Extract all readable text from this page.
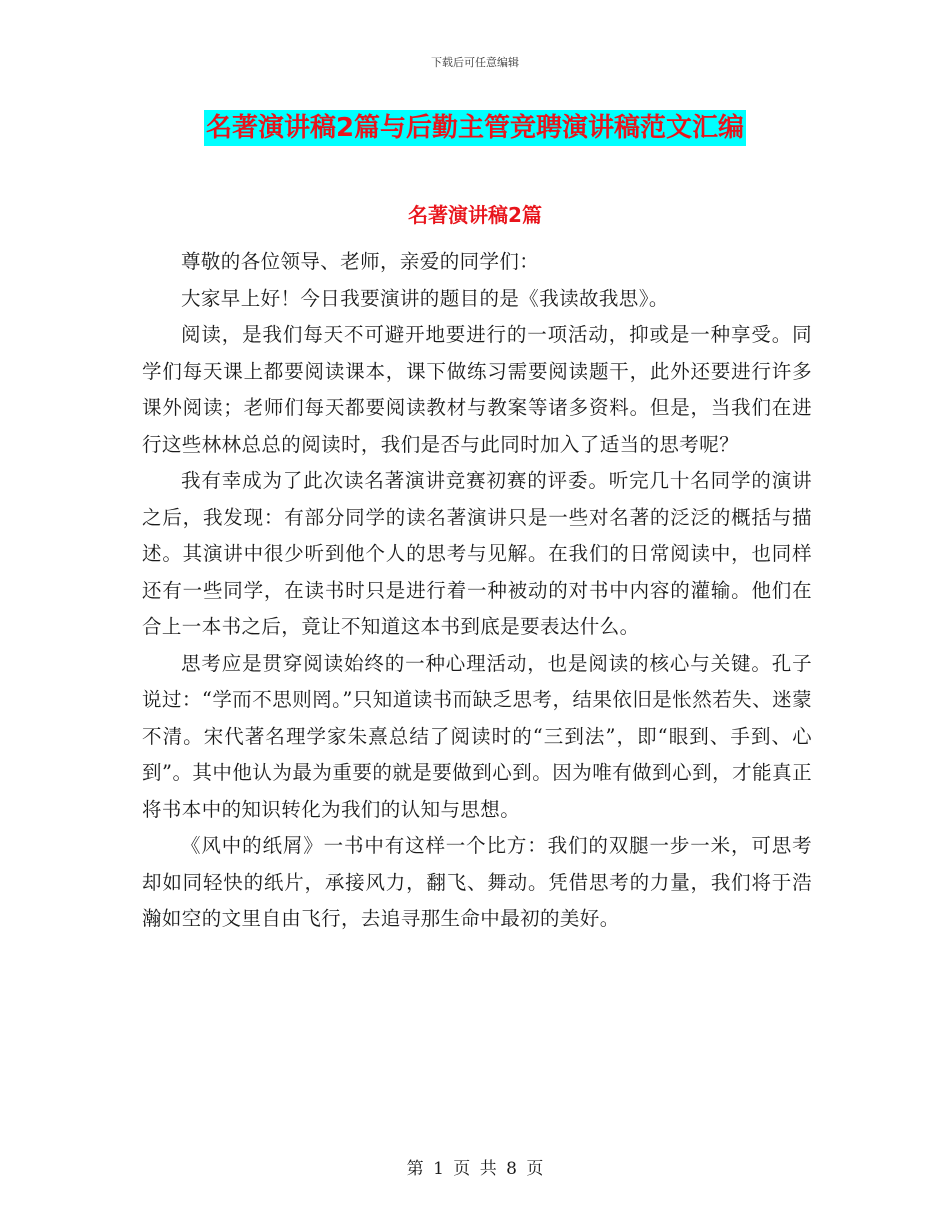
下载后可任意编辑
名著演讲稿2篇与后勤主管竞聘演讲稿范文汇编
名著演讲稿2篇

尊敬的各位领导、老师，亲爱的同学们：

大家早上好！今日我要演讲的题目的是《我读故我思》。

阅读，是我们每天不可避开地要进行的一项活动，抑或是一种享受。同学们每天课上都要阅读课本，课下做练习需要阅读题干，此外还要进行许多课外阅读；老师们每天都要阅读教材与教案等诸多资料。但是，当我们在进行这些林林总总的阅读时，我们是否与此同时加入了适当的思考呢？

我有幸成为了此次读名著演讲竞赛初赛的评委。听完几十名同学的演讲之后，我发现：有部分同学的读名著演讲只是一些对名著的泛泛的概括与描述。其演讲中很少听到他个人的思考与见解。在我们的日常阅读中，也同样还有一些同学，在读书时只是进行着一种被动的对书中内容的灌输。他们在合上一本书之后，竟让不知道这本书到底是要表达什么。

思考应是贯穿阅读始终的一种心理活动，也是阅读的核心与关键。孔子说过：“学而不思则罔。”只知道读书而缺乏思考，结果依旧是怅然若失、迷蒙不清。宋代著名理学家朱熹总结了阅读时的“三到法”，即“眼到、手到、心到”。其中他认为最为重要的就是要做到心到。因为唯有做到心到，才能真正将书本中的知识转化为我们的认知与思想。

《风中的纸屑》一书中有这样一个比方：我们的双腿一步一米，可思考却如同轻快的纸片，承接风力，翻飞、舞动。凭借思考的力量，我们将于浩瀚如空的文里自由飞行，去追寻那生命中最初的美好。

第 1 页 共 8 页
